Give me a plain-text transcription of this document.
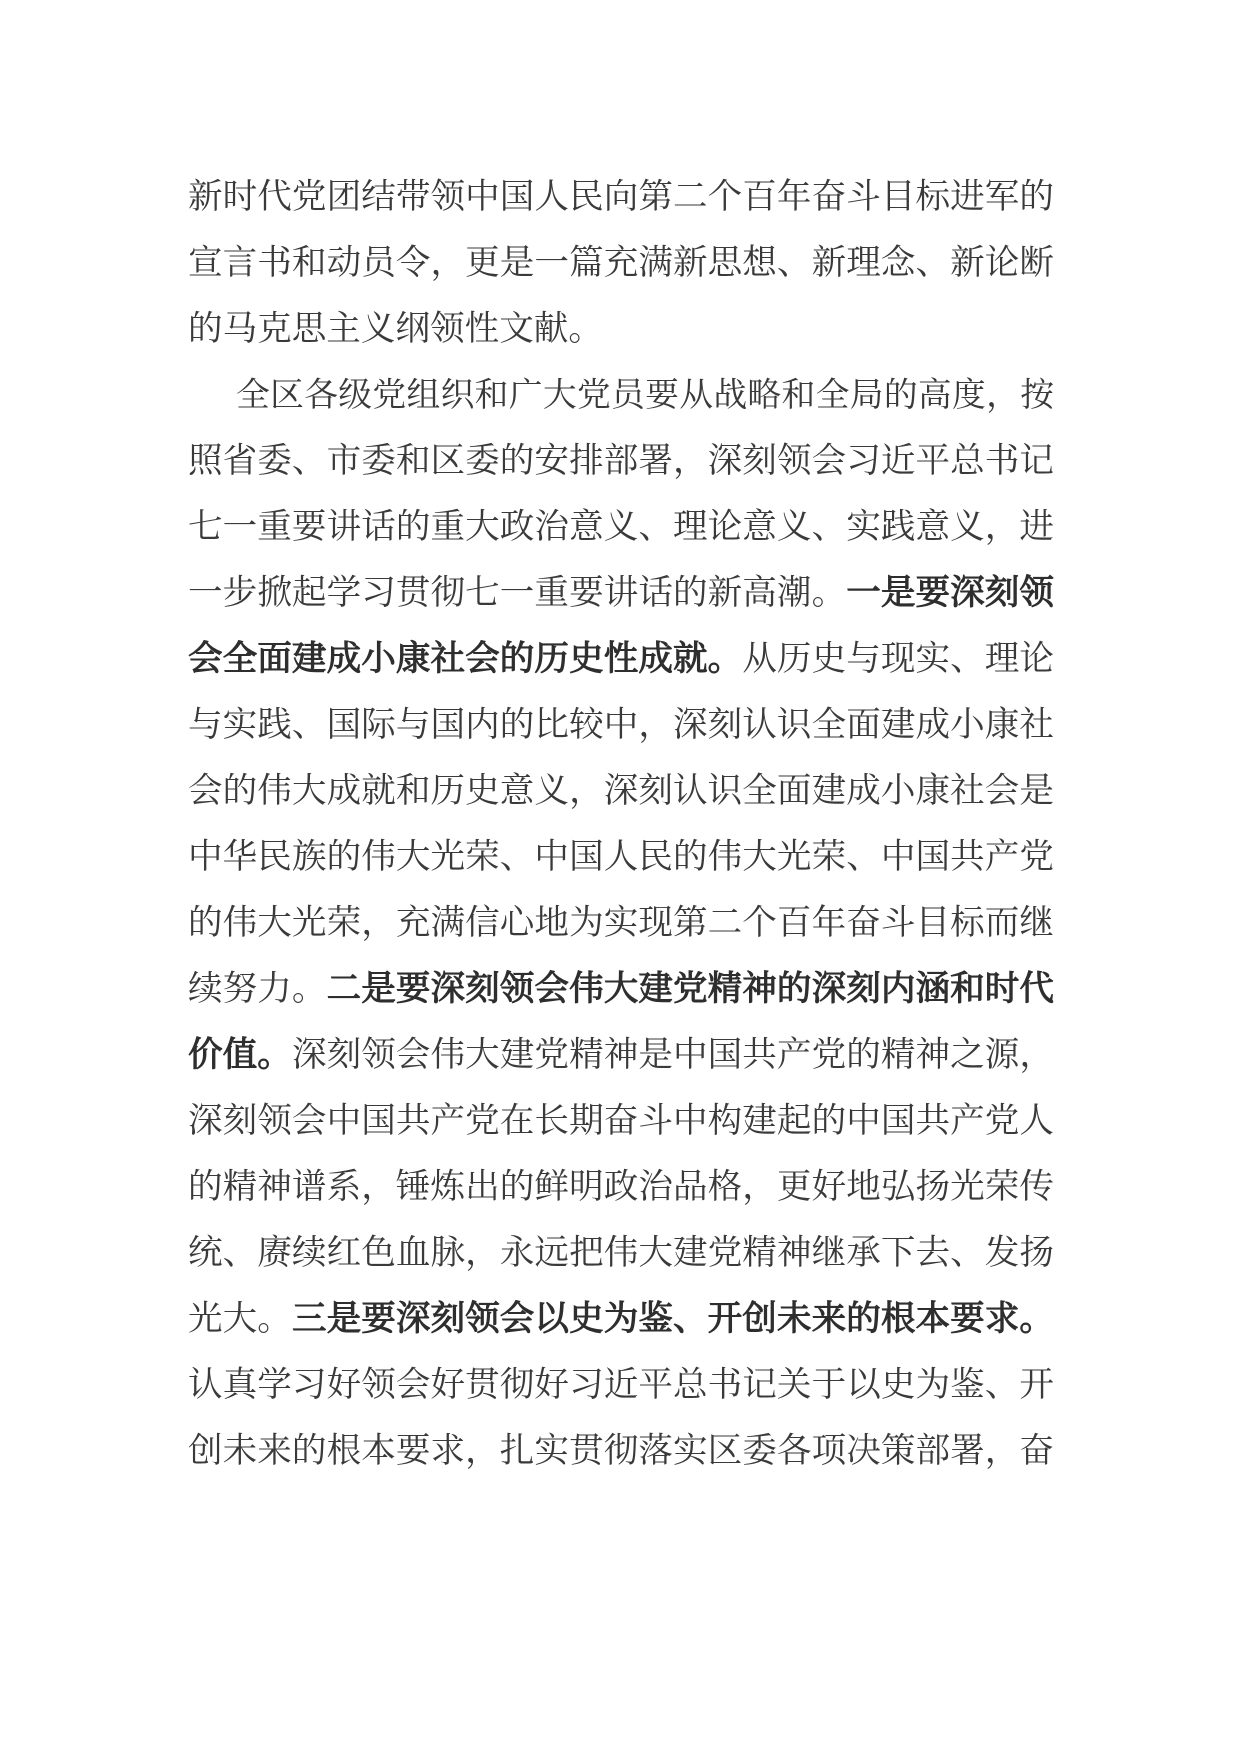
新时代党团结带领中国人民向第二个百年奋斗目标进军的
宣言书和动员令，更是一篇充满新思想、新理念、新论断
的马克思主义纲领性文献。
全区各级党组织和广大党员要从战略和全局的高度，按
照省委、市委和区委的安排部署，深刻领会习近平总书记
七一重要讲话的重大政治意义、理论意义、实践意义，进
一步掀起学习贯彻七一重要讲话的新高潮。一是要深刻领
会全面建成小康社会的历史性成就。从历史与现实、理论
与实践、国际与国内的比较中，深刻认识全面建成小康社
会的伟大成就和历史意义，深刻认识全面建成小康社会是
中华民族的伟大光荣、中国人民的伟大光荣、中国共产党
的伟大光荣，充满信心地为实现第二个百年奋斗目标而继
续努力。二是要深刻领会伟大建党精神的深刻内涵和时代
价值。深刻领会伟大建党精神是中国共产党的精神之源，
深刻领会中国共产党在长期奋斗中构建起的中国共产党人
的精神谱系，锤炼出的鲜明政治品格，更好地弘扬光荣传
统、赓续红色血脉，永远把伟大建党精神继承下去、发扬
光大。三是要深刻领会以史为鉴、开创未来的根本要求。
认真学习好领会好贯彻好习近平总书记关于以史为鉴、开
创未来的根本要求，扎实贯彻落实区委各项决策部署，奋
